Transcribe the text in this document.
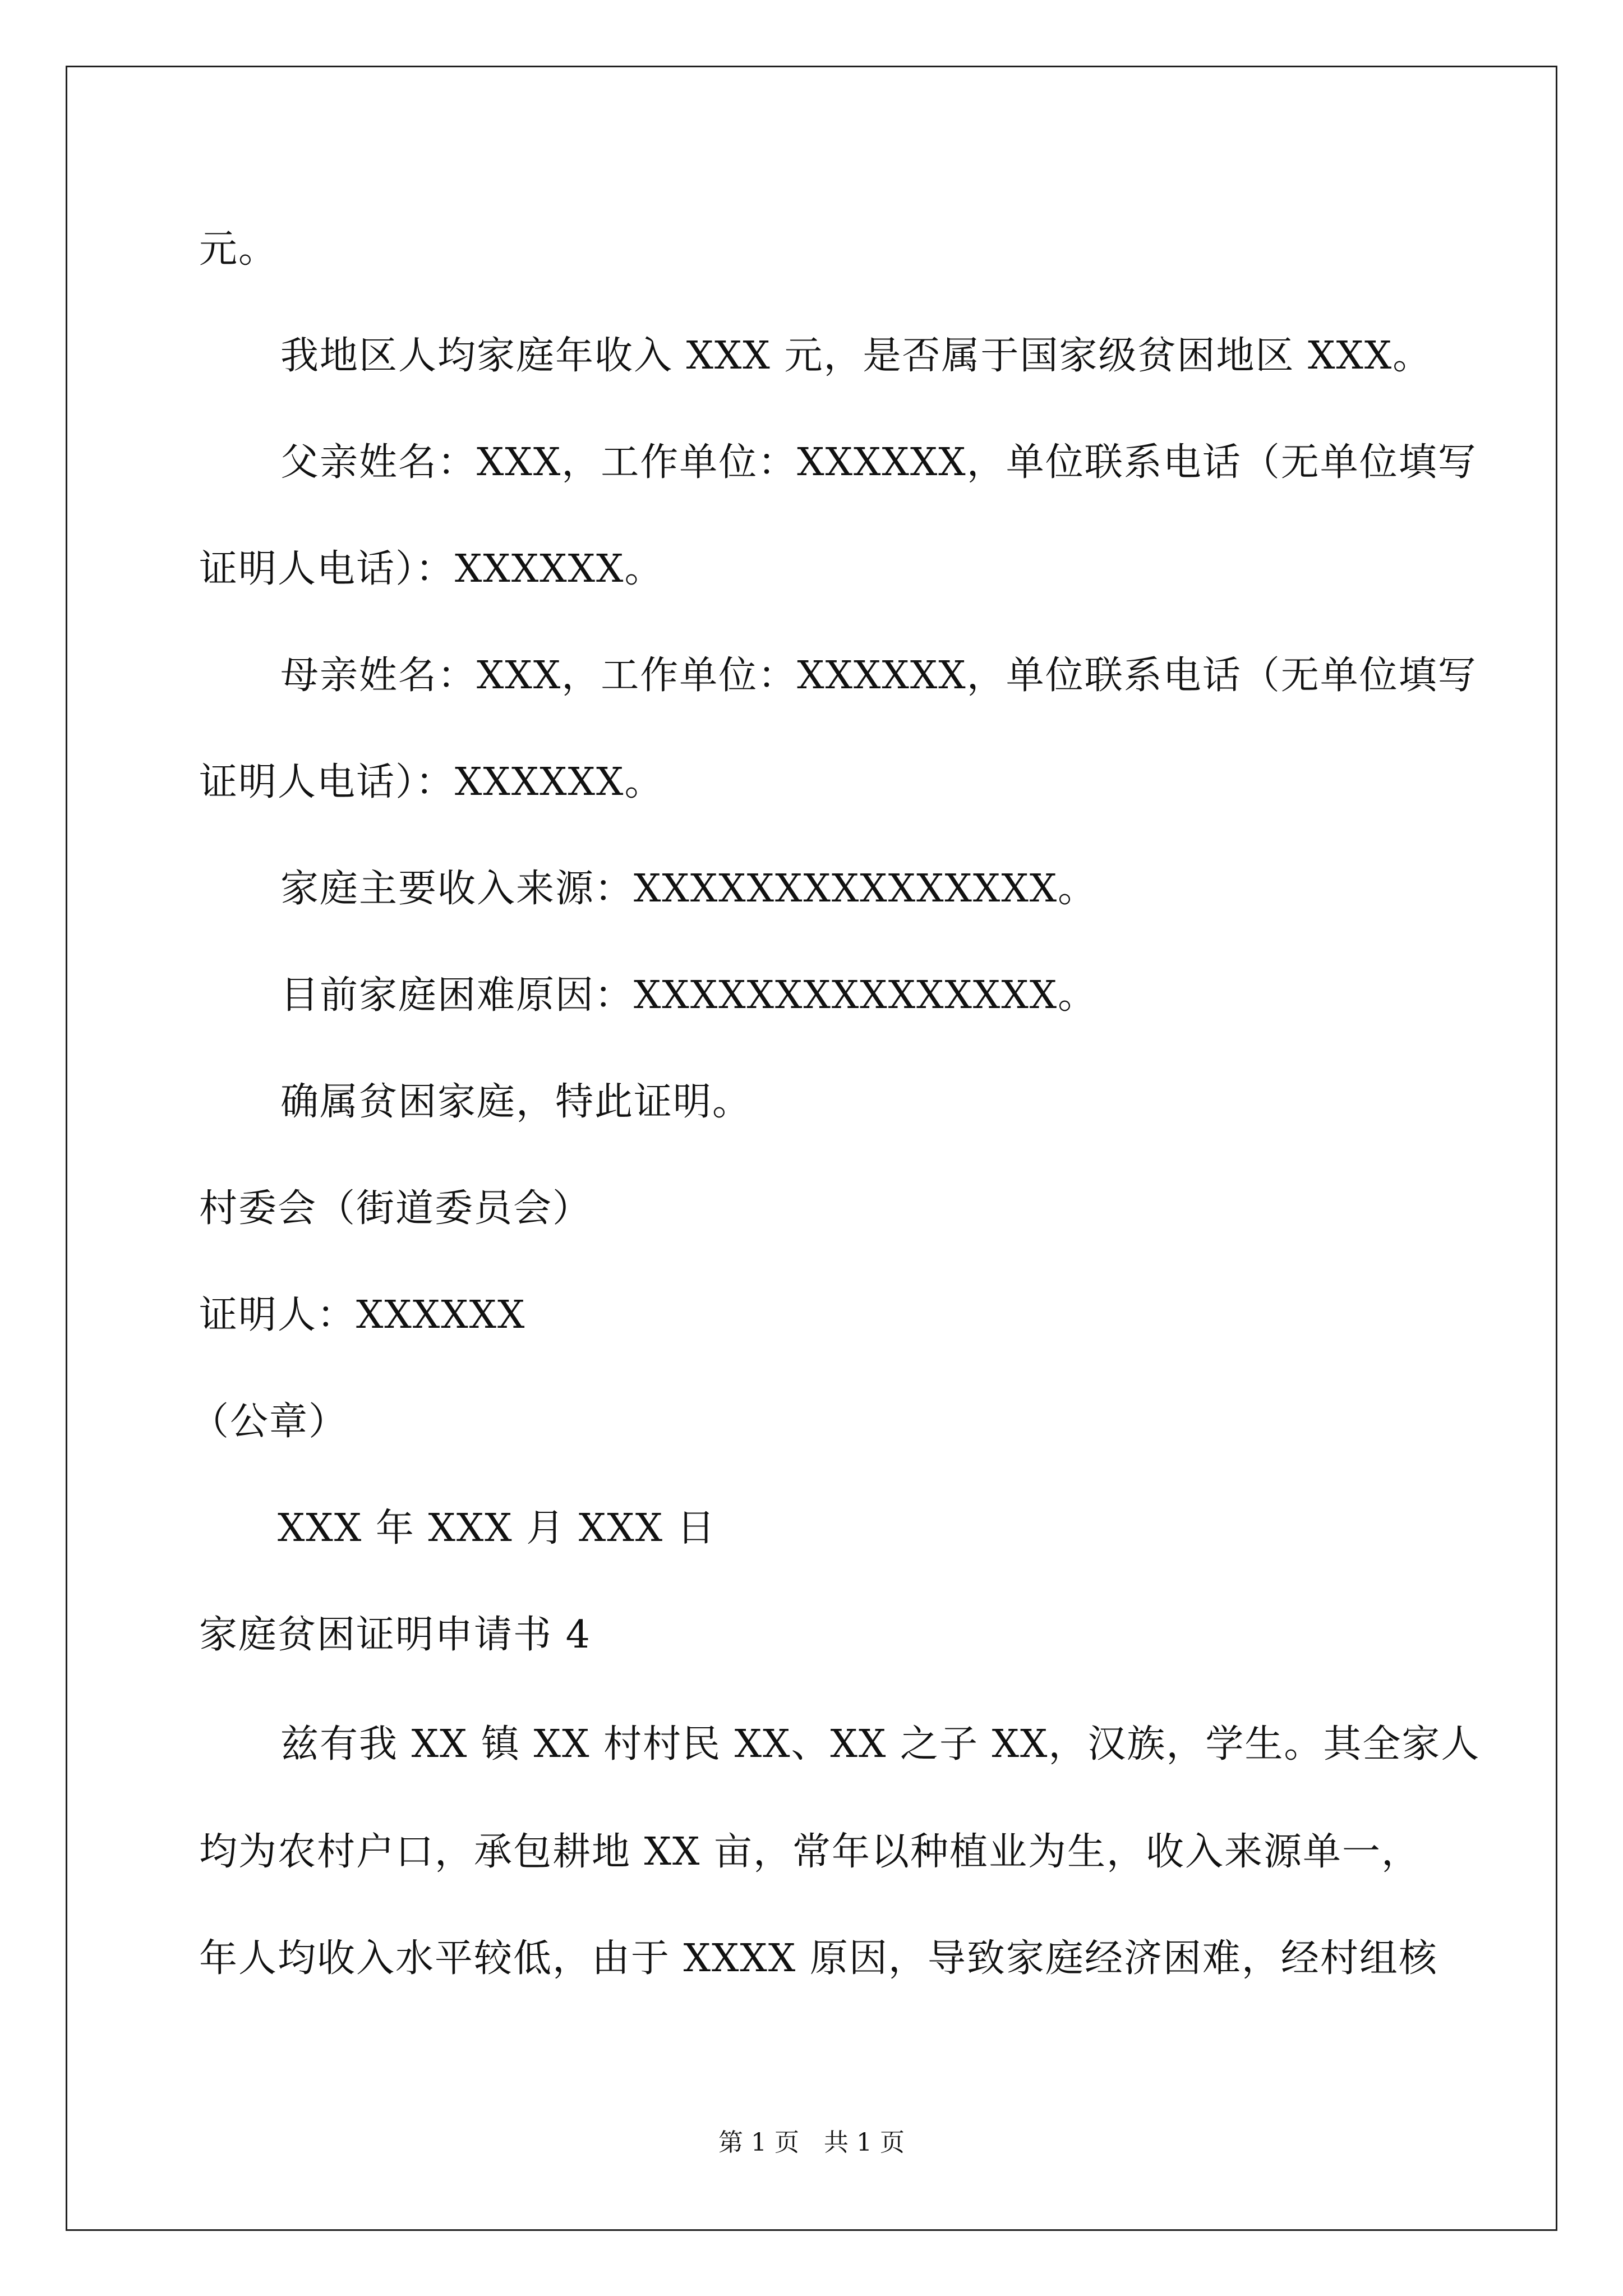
元。
我地区人均家庭年收入 XXX 元，是否属于国家级贫困地区 XXX。
父亲姓名：XXX，工作单位：XXXXXX，单位联系电话（无单位填写
证明人电话）：XXXXXX。
母亲姓名：XXX，工作单位：XXXXXX，单位联系电话（无单位填写
证明人电话）：XXXXXX。
家庭主要收入来源：XXXXXXXXXXXXXXX。
目前家庭困难原因：XXXXXXXXXXXXXXX。
确属贫困家庭，特此证明。
村委会（街道委员会）
证明人：XXXXXX
（公章）
XXX 年 XXX 月 XXX 日
家庭贫困证明申请书 4
兹有我 XX 镇 XX 村村民 XX、XX 之子 XX，汉族，学生。其全家人
均为农村户口，承包耕地 XX 亩，常年以种植业为生，收入来源单一，
年人均收入水平较低，由于 XXXX 原因，导致家庭经济困难，经村组核
第 1 页　共 1 页
